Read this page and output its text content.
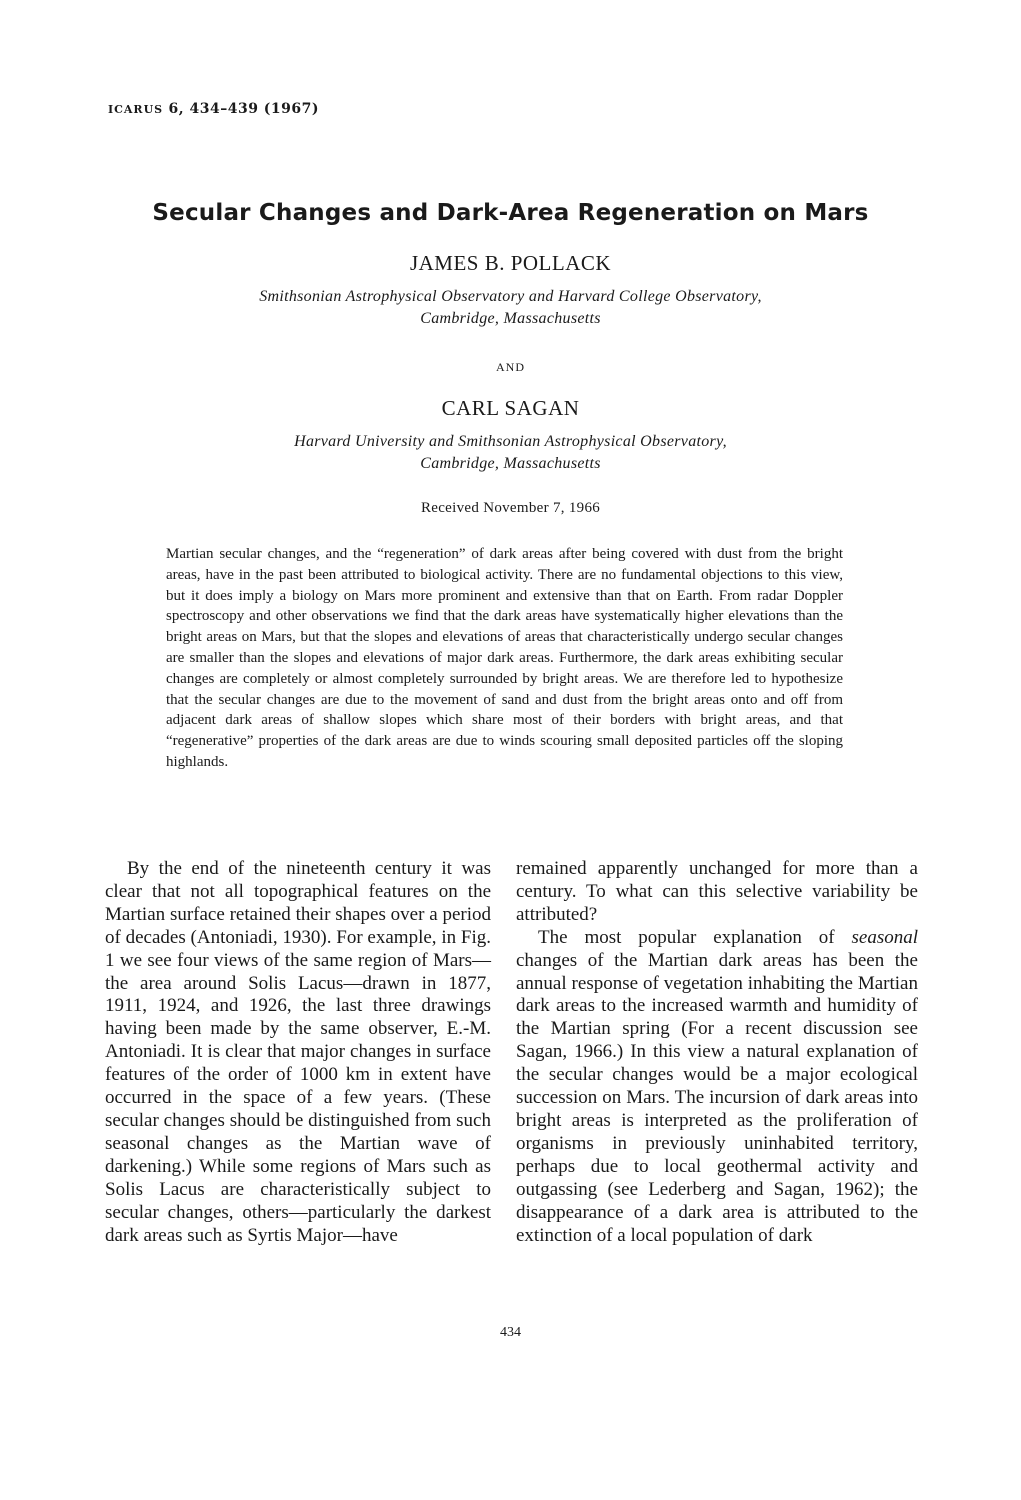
ICARUS 6, 434–439 (1967)
Secular Changes and Dark-Area Regeneration on Mars
JAMES B. POLLACK
Smithsonian Astrophysical Observatory and Harvard College Observatory,
Cambridge, Massachusetts
AND
CARL SAGAN
Harvard University and Smithsonian Astrophysical Observatory,
Cambridge, Massachusetts
Received November 7, 1966
Martian secular changes, and the “regeneration” of dark areas after being covered with dust from the bright areas, have in the past been attributed to biological activity. There are no fundamental objections to this view, but it does imply a biology on Mars more prominent and extensive than that on Earth. From radar Doppler spectroscopy and other observations we find that the dark areas have systematically higher elevations than the bright areas on Mars, but that the slopes and elevations of areas that characteristically undergo secular changes are smaller than the slopes and elevations of major dark areas. Furthermore, the dark areas exhibiting secular changes are completely or almost completely surrounded by bright areas. We are therefore led to hypothesize that the secular changes are due to the movement of sand and dust from the bright areas onto and off from adjacent dark areas of shallow slopes which share most of their borders with bright areas, and that “regenerative” properties of the dark areas are due to winds scouring small deposited particles off the sloping highlands.

By the end of the nineteenth century it was clear that not all topographical features on the Martian surface retained their shapes over a period of decades (Antoniadi, 1930). For example, in Fig. 1 we see four views of the same region of Mars—the area around Solis Lacus—drawn in 1877, 1911, 1924, and 1926, the last three drawings having been made by the same observer, E.-M. Antoniadi. It is clear that major changes in surface features of the order of 1000 km in extent have occurred in the space of a few years. (These secular changes should be distinguished from such seasonal changes as the Martian wave of darkening.) While some regions of Mars such as Solis Lacus are characteristically subject to secular changes, others—particularly the darkest dark areas such as Syrtis Major—have

remained apparently unchanged for more than a century. To what can this selective variability be attributed?

The most popular explanation of seasonal changes of the Martian dark areas has been the annual response of vegetation inhabiting the Martian dark areas to the increased warmth and humidity of the Martian spring (For a recent discussion see Sagan, 1966.) In this view a natural explanation of the secular changes would be a major ecological succession on Mars. The incursion of dark areas into bright areas is interpreted as the proliferation of organisms in previously uninhabited territory, perhaps due to local geothermal activity and outgassing (see Lederberg and Sagan, 1962); the disappearance of a dark area is attributed to the extinction of a local population of dark

434
